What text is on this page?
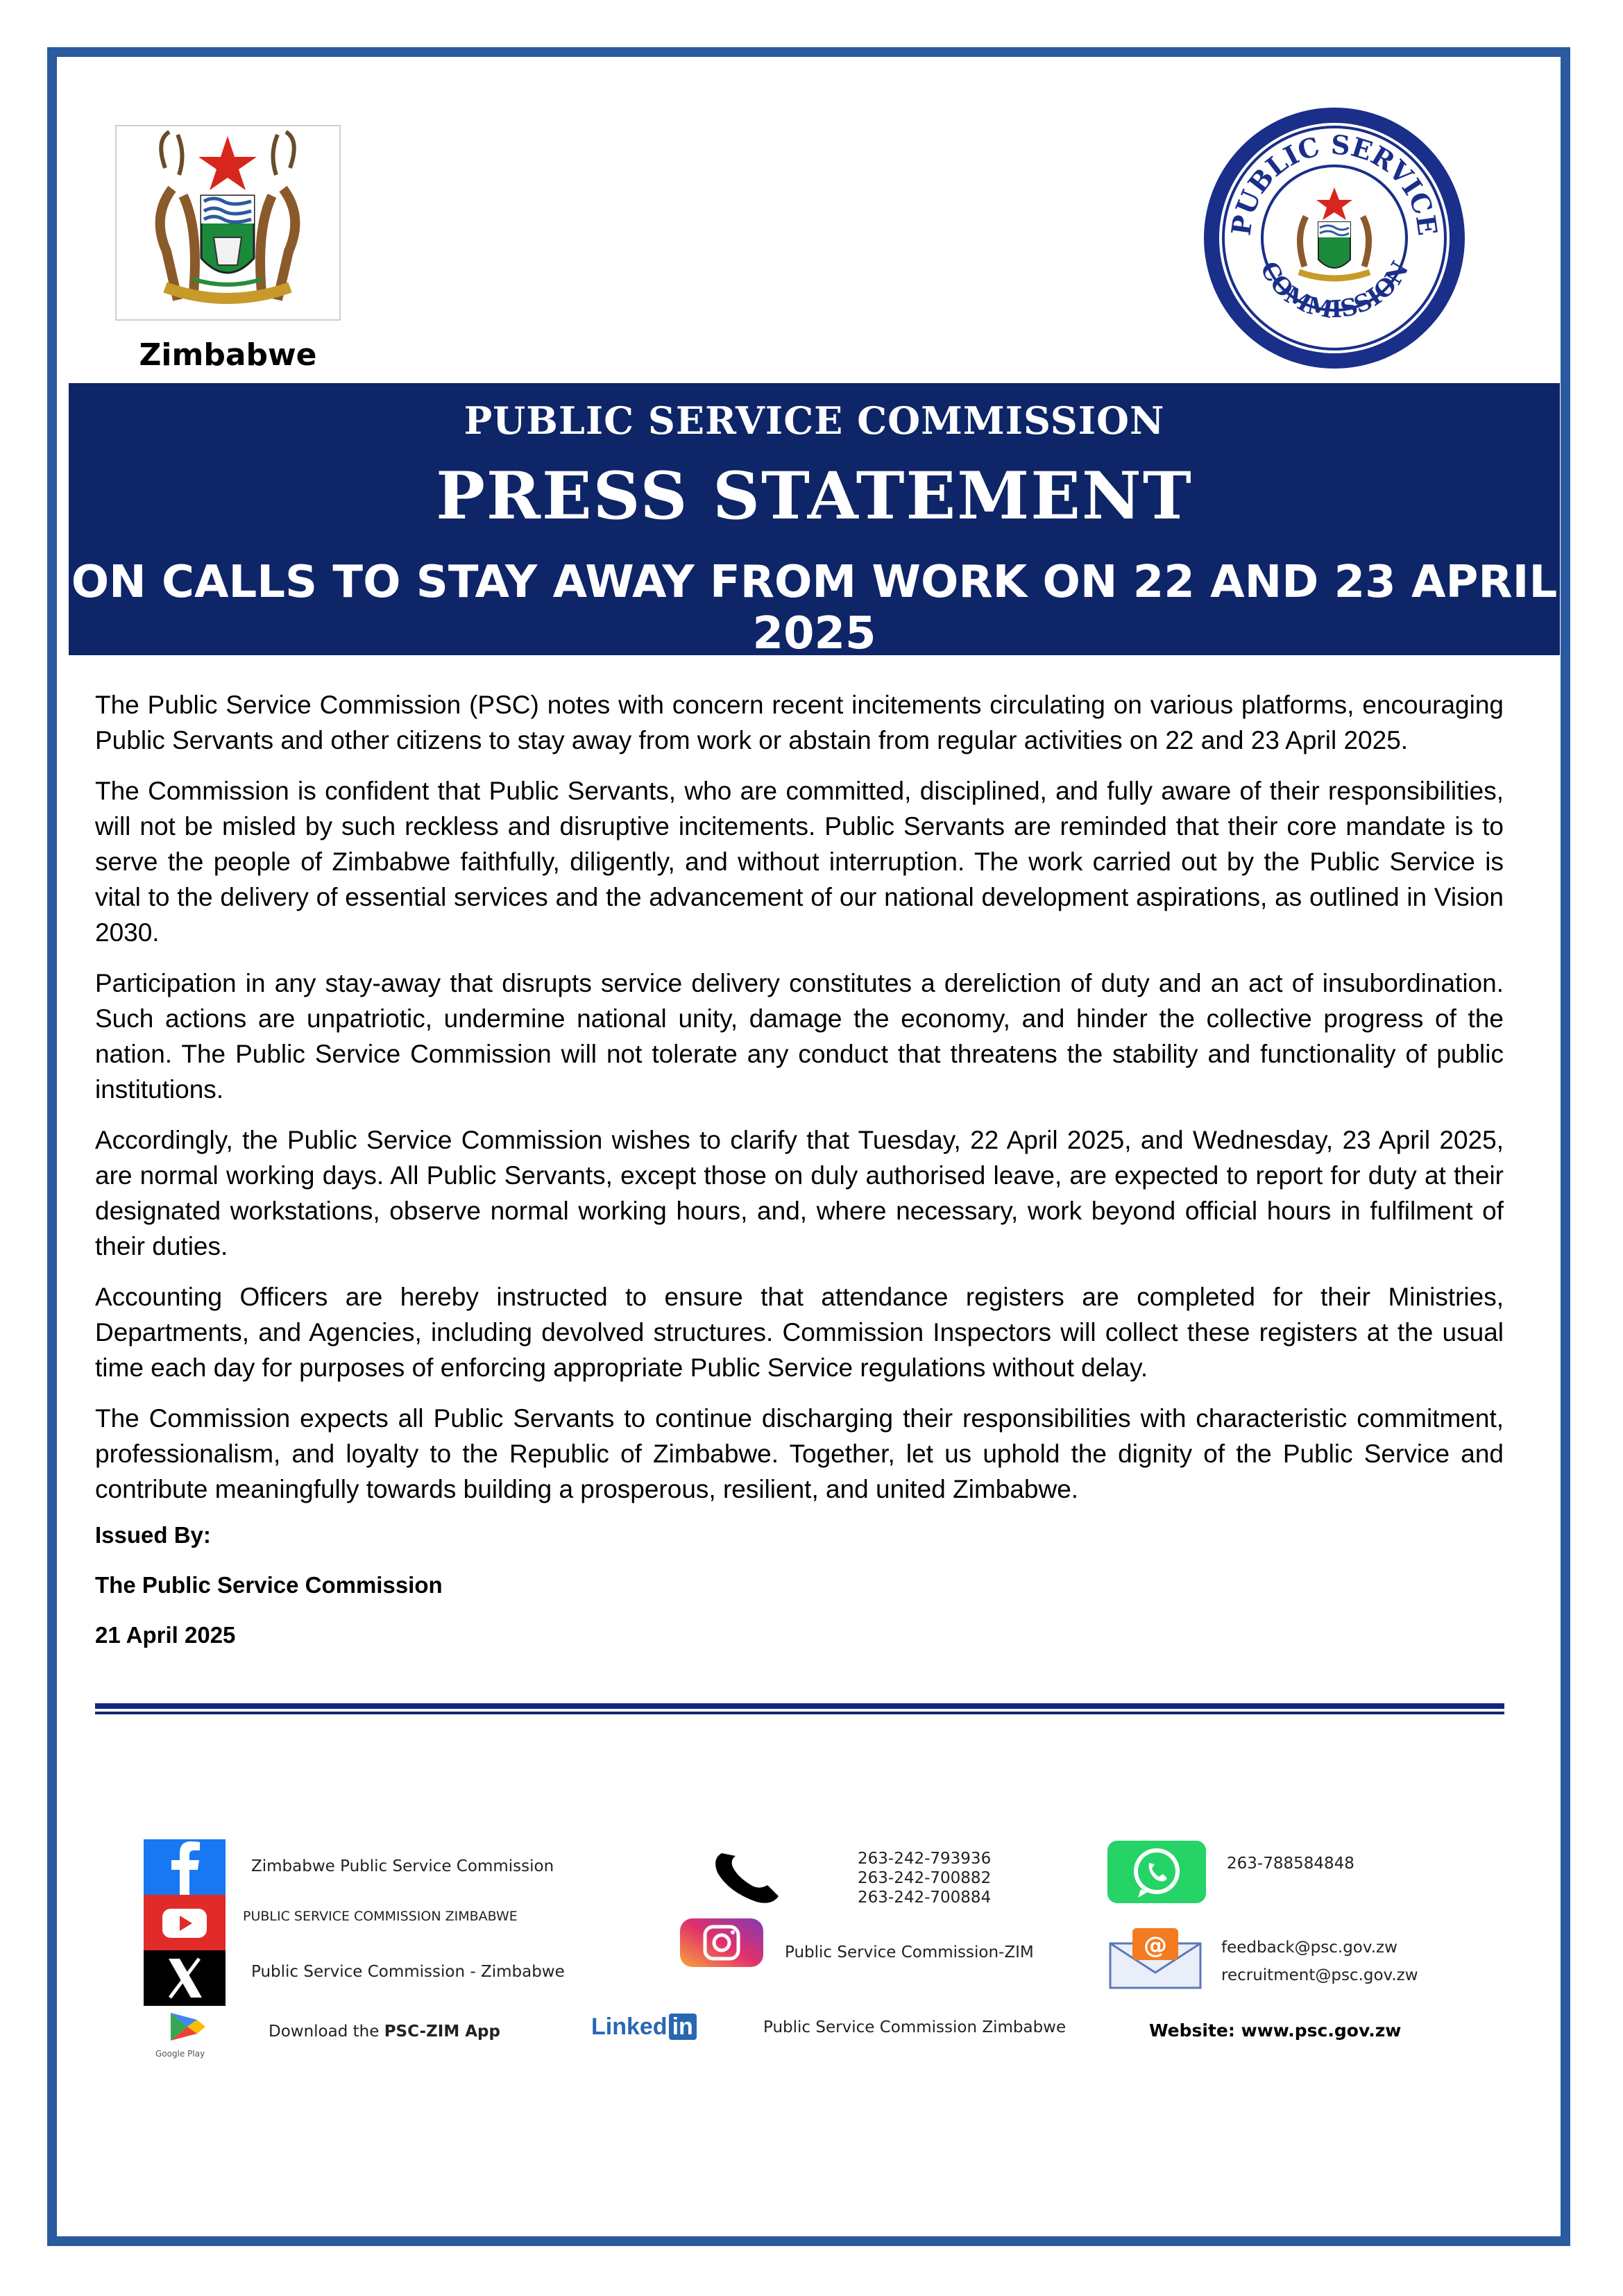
Zimbabwe
PUBLIC SERVICE
COMMISSION
PUBLIC SERVICE COMMISSION
PRESS STATEMENT
ON CALLS TO STAY AWAY FROM WORK ON 22 AND 23 APRIL 2025

The Public Service Commission (PSC) notes with concern recent incitements circulating on various platforms, encouraging Public Servants and other citizens to stay away from work or abstain from regular activities on 22 and 23 April 2025.

The Commission is confident that Public Servants, who are committed, disciplined, and fully aware of their responsibilities, will not be misled by such reckless and disruptive incitements. Public Servants are reminded that their core mandate is to serve the people of Zimbabwe faithfully, diligently, and without interruption. The work carried out by the Public Service is vital to the delivery of essential services and the advancement of our national development aspirations, as outlined in Vision 2030.

Participation in any stay-away that disrupts service delivery constitutes a dereliction of duty and an act of insubordination. Such actions are unpatriotic, undermine national unity, damage the economy, and hinder the collective progress of the nation. The Public Service Commission will not tolerate any conduct that threatens the stability and functionality of public institutions.

Accordingly, the Public Service Commission wishes to clarify that Tuesday, 22 April 2025, and Wednesday, 23 April 2025, are normal working days. All Public Servants, except those on duly authorised leave, are expected to report for duty at their designated workstations, observe normal working hours, and, where necessary, work beyond official hours in fulfilment of their duties.

Accounting Officers are hereby instructed to ensure that attendance registers are completed for their Ministries, Departments, and Agencies, including devolved structures. Commission Inspectors will collect these registers at the usual time each day for purposes of enforcing appropriate Public Service regulations without delay.

The Commission expects all Public Servants to continue discharging their responsibilities with characteristic commitment, professionalism, and loyalty to the Republic of Zimbabwe. Together, let us uphold the dignity of the Public Service and contribute meaningfully towards building a prosperous, resilient, and united Zimbabwe.

Issued By:
The Public Service Commission
21 April 2025
Zimbabwe Public Service Commission
PUBLIC SERVICE COMMISSION ZIMBABWE
Public Service Commission - Zimbabwe
Google Play
Download the PSC-ZIM App
263-242-793936
263-242-700882
263-242-700884
Public Service Commission-ZIM
Linked in	Public Service Commission Zimbabwe
263-788584848
@	feedback@psc.gov.zw
recruitment@psc.gov.zw
Website: www.psc.gov.zw
